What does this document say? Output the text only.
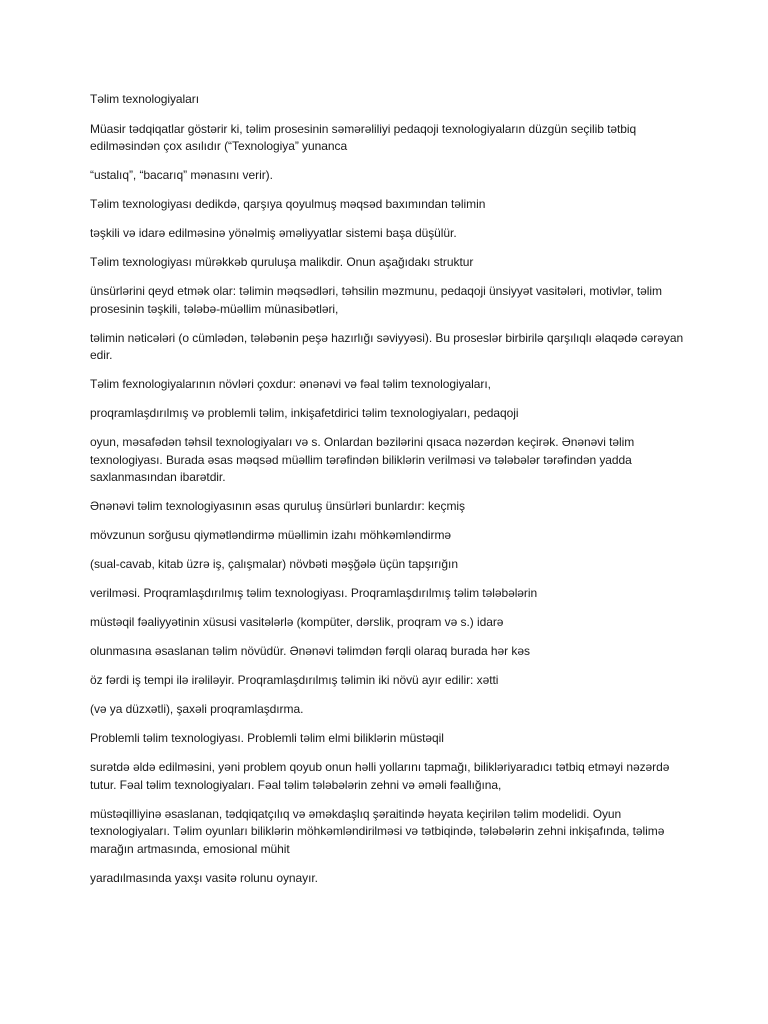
Təlim texnologiyaları

Müasir tədqiqatlar göstərir ki, təlim prosesinin səmərəliliyi pedaqoji texnologiyaların düzgün seçilib tətbiq edilməsindən çox asılıdır (“Texnologiya” yunanca

“ustalıq”, “bacarıq” mənasını verir).

Təlim texnologiyası dedikdə, qarşıya qoyulmuş məqsəd baxımından təlimin

təşkili və idarə edilməsinə yönəlmiş əməliyyatlar sistemi başa düşülür.

Təlim texnologiyası mürəkkəb quruluşa malikdir. Onun aşağıdakı struktur

ünsürlərini qeyd etmək olar: təlimin məqsədləri, təhsilin məzmunu, pedaqoji ünsiyyət vasitələri, motivlər, təlim prosesinin təşkili, tələbə-müəllim münasibətləri,

təlimin nəticələri (o cümlədən, tələbənin peşə hazırlığı səviyyəsi). Bu proseslər birbirilə qarşılıqlı əlaqədə cərəyan edir.

Təlim fexnologiyalarının növləri çoxdur: ənənəvi və fəal təlim texnologiyaları,

proqramlaşdırılmış və problemli təlim, inkişafetdirici təlim texnologiyaları, pedaqoji

oyun, məsafədən təhsil texnologiyaları və s. Onlardan bəzilərini qısaca nəzərdən keçirək. Ənənəvi təlim texnologiyası. Burada əsas məqsəd müəllim tərəfindən biliklərin verilməsi və tələbələr tərəfindən yadda saxlanmasından ibarətdir.

Ənənəvi təlim texnologiyasının əsas quruluş ünsürləri bunlardır: keçmiş

mövzunun sorğusu qiymətləndirmə müəllimin izahı möhkəmləndirmə

(sual-cavab, kitab üzrə iş, çalışmalar) növbəti məşğələ üçün tapşırığın

verilməsi. Proqramlaşdırılmış təlim texnologiyası. Proqramlaşdırılmış təlim tələbələrin

müstəqil fəaliyyətinin xüsusi vasitələrlə (kompüter, dərslik, proqram və s.) idarə

olunmasına əsaslanan təlim növüdür. Ənənəvi təlimdən fərqli olaraq burada hər kəs

öz fərdi iş tempi ilə irəliləyir. Proqramlaşdırılmış təlimin iki növü ayır edilir: xətti

(və ya düzxətli), şaxəli proqramlaşdırma.

Problemli təlim texnologiyası. Problemli təlim elmi biliklərin müstəqil

surətdə əldə edilməsini, yəni problem qoyub onun həlli yollarını tapmağı, bilikləriyaradıcı tətbiq etməyi nəzərdə tutur. Fəal təlim texnologiyaları. Fəal təlim tələbələrin zehni və əməli fəallığına,

müstəqilliyinə əsaslanan, tədqiqatçılıq və əməkdaşlıq şəraitində həyata keçirilən təlim modelidi. Oyun texnologiyaları. Təlim oyunları biliklərin möhkəmləndirilməsi və tətbiqində, tələbələrin zehni inkişafında, təlimə marağın artmasında, emosional mühit

yaradılmasında yaxşı vasitə rolunu oynayır.
